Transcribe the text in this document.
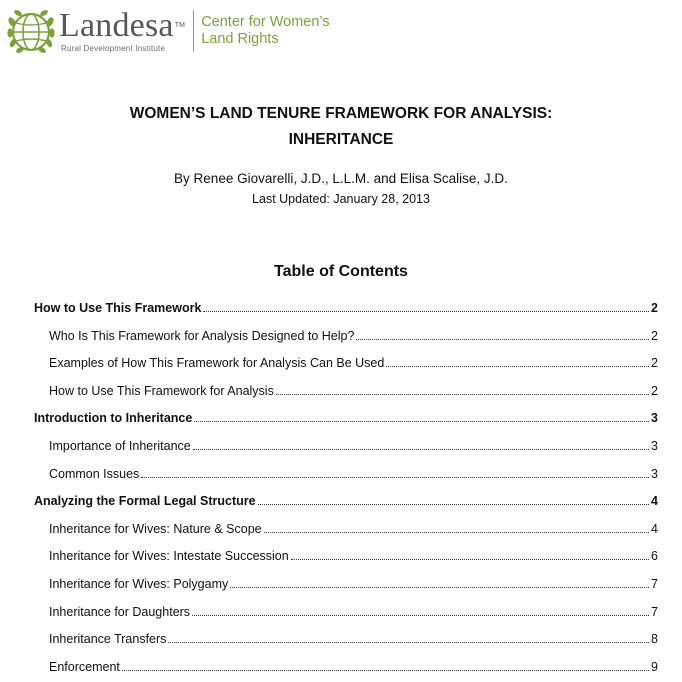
Landesa™
Rural Development Institute
Center for Women’s
Land Rights
WOMEN’S LAND TENURE FRAMEWORK FOR ANALYSIS:
INHERITANCE
By Renee Giovarelli, J.D., L.L.M. and Elisa Scalise, J.D.
Last Updated: January 28, 2013
Table of Contents
How to Use This Framework	2
Who Is This Framework for Analysis Designed to Help?	2
Examples of How This Framework for Analysis Can Be Used	2
How to Use This Framework for Analysis	2
Introduction to Inheritance	3
Importance of Inheritance	3
Common Issues	3
Analyzing the Formal Legal Structure	4
Inheritance for Wives: Nature & Scope	4
Inheritance for Wives: Intestate Succession	6
Inheritance for Wives: Polygamy	7
Inheritance for Daughters	7
Inheritance Transfers	8
Enforcement	9
